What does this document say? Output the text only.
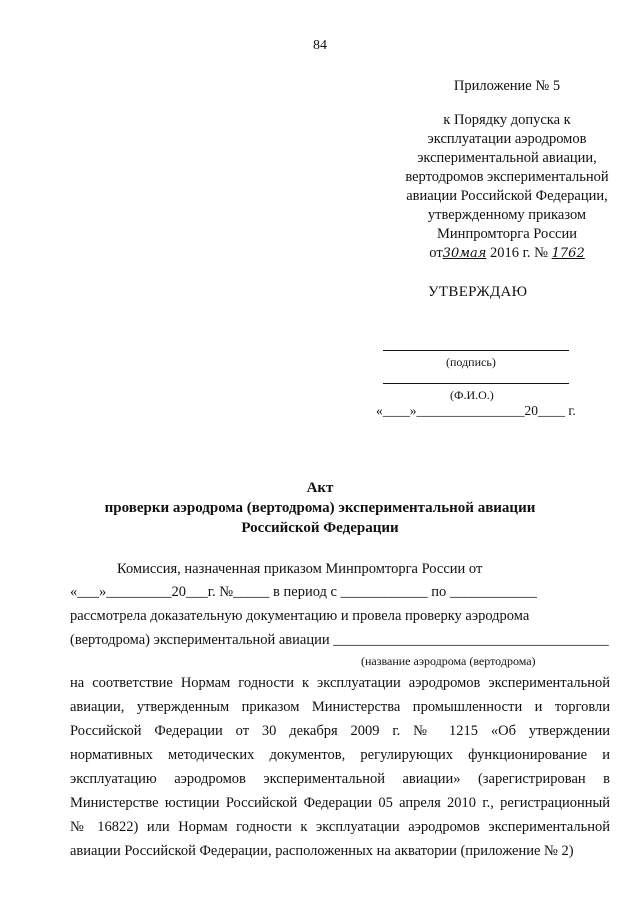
84
Приложение № 5
к Порядку допуска к
эксплуатации аэродромов
экспериментальной авиации,
вертодромов экспериментальной
авиации Российской Федерации,
утвержденному приказом
Минпромторга России
от30мая 2016 г. № 1762
УТВЕРЖДАЮ
(подпись)
(Ф.И.О.)
«____»________________20____ г.
Акт
проверки аэродрома (вертодрома) экспериментальной авиации
Российской Федерации
Комиссия, назначенная приказом Минпромторга России от
«___»_________20___г. №_____ в период с ____________ по ____________
рассмотрела доказательную документацию и провела проверку аэродрома
(вертодрома) экспериментальной авиации ______________________________________
(название аэродрома (вертодрома)
на соответствие Нормам годности к эксплуатации аэродромов экспериментальной
авиации, утвержденным приказом Министерства промышленности и торговли
Российской Федерации от 30 декабря 2009 г. № 1215 «Об утверждении
нормативных методических документов, регулирующих функционирование и
эксплуатацию аэродромов экспериментальной авиации» (зарегистрирован в
Министерстве юстиции Российской Федерации 05 апреля 2010 г., регистрационный
№ 16822) или Нормам годности к эксплуатации аэродромов экспериментальной
авиации Российской Федерации, расположенных на акватории (приложение № 2)
